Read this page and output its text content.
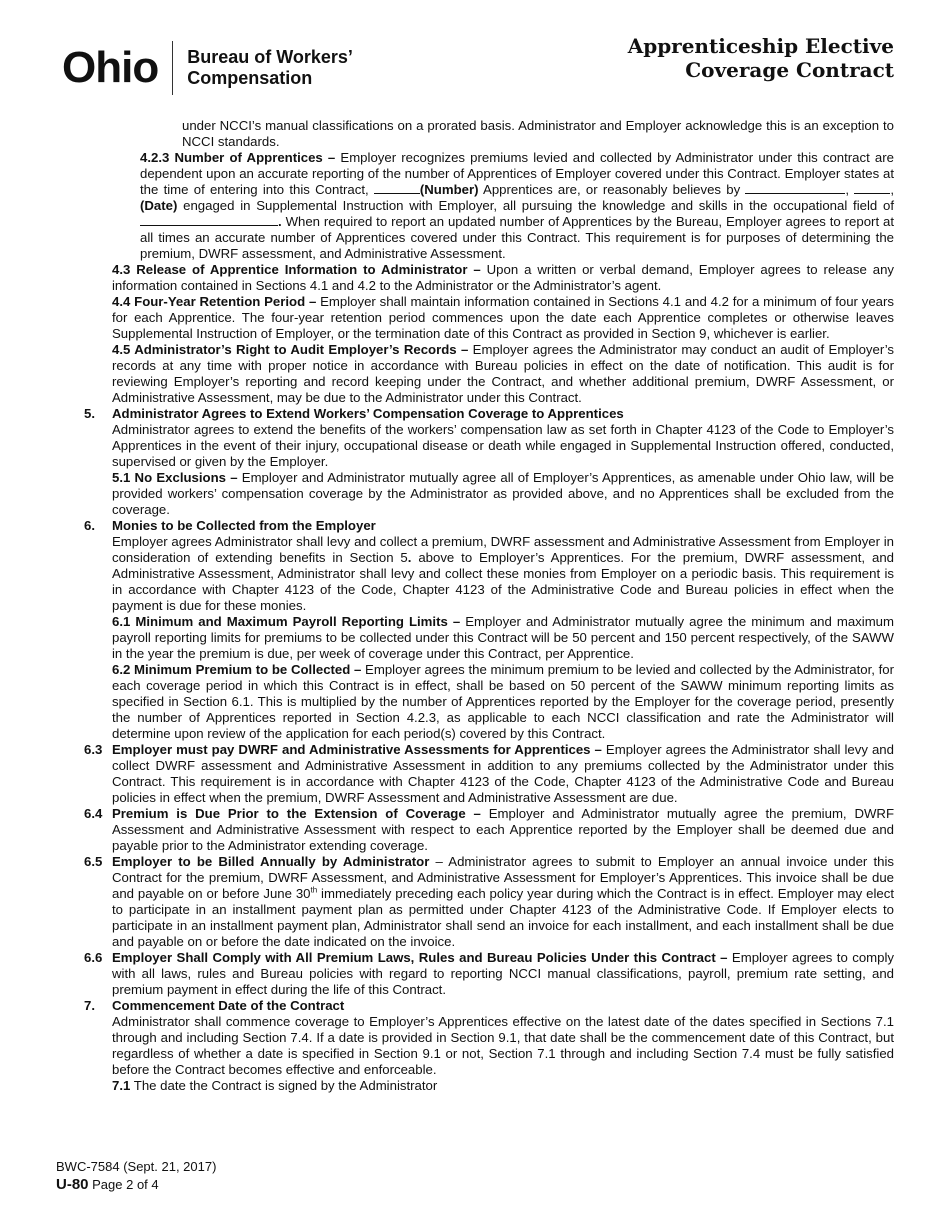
Ohio Bureau of Workers’
Compensation
Apprenticeship Elective
Coverage Contract

under NCCI’s manual classifications on a prorated basis. Administrator and Employer acknowledge this is an exception to NCCI standards.

4.2.3 Number of Apprentices – Employer recognizes premiums levied and collected by Administrator under this contract are dependent upon an accurate reporting of the number of Apprentices of Employer covered under this Contract. Employer states at the time of entering into this Contract,	(Number) Apprentices are, or reasonably believes by	,	, (Date) engaged in Supplemental Instruction with Employer, all pursuing the knowledge and skills in the occupational field of. When required to report an updated number of Apprentices by the Bureau, Employer agrees to report at all times an accurate number of Apprentices covered under this Contract. This requirement is for purposes of determining the premium, DWRF assessment, and Administrative Assessment.

4.3 Release of Apprentice Information to Administrator – Upon a written or verbal demand, Employer agrees to release any information contained in Sections 4.1 and 4.2 to the Administrator or the Administrator’s agent.

4.4 Four-Year Retention Period – Employer shall maintain information contained in Sections 4.1 and 4.2 for a minimum of four years for each Apprentice. The four-year retention period commences upon the date each Apprentice completes or otherwise leaves Supplemental Instruction of Employer, or the termination date of this Contract as provided in Section 9, whichever is earlier.

4.5 Administrator’s Right to Audit Employer’s Records – Employer agrees the Administrator may conduct an audit of Employer’s records at any time with proper notice in accordance with Bureau policies in effect on the date of notification. This audit is for reviewing Employer’s reporting and record keeping under the Contract, and whether additional premium, DWRF Assessment, or Administrative Assessment, may be due to the Administrator under this Contract.

5.	Administrator Agrees to Extend Workers’ Compensation Coverage to Apprentices

Administrator agrees to extend the benefits of the workers’ compensation law as set forth in Chapter 4123 of the Code to Employer’s Apprentices in the event of their injury, occupational disease or death while engaged in Supplemental Instruction offered, conducted, supervised or given by the Employer.

5.1 No Exclusions – Employer and Administrator mutually agree all of Employer’s Apprentices, as amenable under Ohio law, will be provided workers’ compensation coverage by the Administrator as provided above, and no Apprentices shall be excluded from the coverage.

6.	Monies to be Collected from the Employer

Employer agrees Administrator shall levy and collect a premium, DWRF assessment and Administrative Assessment from Employer in consideration of extending benefits in Section 5. above to Employer’s Apprentices. For the premium, DWRF assessment, and Administrative Assessment, Administrator shall levy and collect these monies from Employer on a periodic basis. This requirement is in accordance with Chapter 4123 of the Code, Chapter 4123 of the Administrative Code and Bureau policies in effect when the payment is due for these monies.

6.1 Minimum and Maximum Payroll Reporting Limits – Employer and Administrator mutually agree the minimum and maximum payroll reporting limits for premiums to be collected under this Contract will be 50 percent and 150 percent respectively, of the SAWW in the year the premium is due, per week of coverage under this Contract, per Apprentice.

6.2 Minimum Premium to be Collected – Employer agrees the minimum premium to be levied and collected by the Administrator, for each coverage period in which this Contract is in effect, shall be based on 50 percent of the SAWW minimum reporting limits as specified in Section 6.1. This is multiplied by the number of Apprentices reported by the Employer for the coverage period, presently the number of Apprentices reported in Section 4.2.3, as applicable to each NCCI classification and rate the Administrator will determine upon review of the application for each period(s) covered by this Contract.

6.3 Employer must pay DWRF and Administrative Assessments for Apprentices – Employer agrees the Administrator shall levy and collect DWRF assessment and Administrative Assessment in addition to any premiums collected by the Administrator under this Contract. This requirement is in accordance with Chapter 4123 of the Code, Chapter 4123 of the Administrative Code and Bureau policies in effect when the premium, DWRF Assessment and Administrative Assessment are due.

6.4 Premium is Due Prior to the Extension of Coverage – Employer and Administrator mutually agree the premium, DWRF Assessment and Administrative Assessment with respect to each Apprentice reported by the Employer shall be deemed due and payable prior to the Administrator extending coverage.

6.5 Employer to be Billed Annually by Administrator – Administrator agrees to submit to Employer an annual invoice under this Contract for the premium, DWRF Assessment, and Administrative Assessment for Employer’s Apprentices. This invoice shall be due and payable on or before June 30th immediately preceding each policy year during which the Contract is in effect. Employer may elect to participate in an installment payment plan as permitted under Chapter 4123 of the Administrative Code. If Employer elects to participate in an installment payment plan, Administrator shall send an invoice for each installment, and each installment shall be due and payable on or before the date indicated on the invoice.

6.6 Employer Shall Comply with All Premium Laws, Rules and Bureau Policies Under this Contract – Employer agrees to comply with all laws, rules and Bureau policies with regard to reporting NCCI manual classifications, payroll, premium rate setting, and premium payment in effect during the life of this Contract.

7.	Commencement Date of the Contract

Administrator shall commence coverage to Employer’s Apprentices effective on the latest date of the dates specified in Sections 7.1 through and including Section 7.4. If a date is provided in Section 9.1, that date shall be the commencement date of this Contract, but regardless of whether a date is specified in Section 9.1 or not, Section 7.1 through and including Section 7.4 must be fully satisfied before the Contract becomes effective and enforceable.

7.1 The date the Contract is signed by the Administrator

BWC-7584 (Sept. 21, 2017)
U-80 Page 2 of 4
